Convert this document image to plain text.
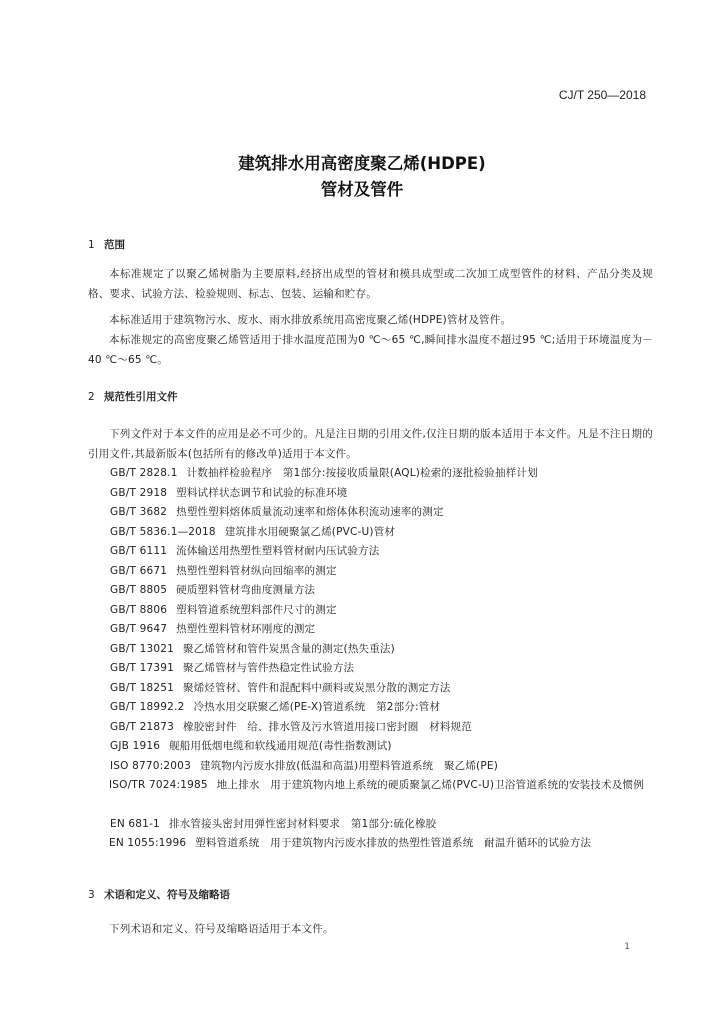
CJ/T 250—2018
建筑排水用高密度聚乙烯(HDPE)
管材及管件
1 范围

本标准规定了以聚乙烯树脂为主要原料,经挤出成型的管材和模具成型或二次加工成型管件的材料、产品分类及规格、要求、试验方法、检验规则、标志、包装、运输和贮存。

本标准适用于建筑物污水、废水、雨水排放系统用高密度聚乙烯(HDPE)管材及管件。

本标准规定的高密度聚乙烯管适用于排水温度范围为0 ℃～65 ℃,瞬间排水温度不超过95 ℃;适用于环境温度为－40 ℃～65 ℃。

2 规范性引用文件

下列文件对于本文件的应用是必不可少的。凡是注日期的引用文件,仅注日期的版本适用于本文件。凡是不注日期的引用文件,其最新版本(包括所有的修改单)适用于本文件。

GB/T 2828.1 计数抽样检验程序　第1部分:按接收质量限(AQL)检索的逐批检验抽样计划
GB/T 2918 塑料试样状态调节和试验的标准环境
GB/T 3682 热塑性塑料熔体质量流动速率和熔体体积流动速率的测定
GB/T 5836.1—2018 建筑排水用硬聚氯乙烯(PVC-U)管材
GB/T 6111 流体输送用热塑性塑料管材耐内压试验方法
GB/T 6671 热塑性塑料管材纵向回缩率的测定
GB/T 8805 硬质塑料管材弯曲度测量方法
GB/T 8806 塑料管道系统塑料部件尺寸的测定
GB/T 9647 热塑性塑料管材环刚度的测定
GB/T 13021 聚乙烯管材和管件炭黑含量的测定(热失重法)
GB/T 17391 聚乙烯管材与管件热稳定性试验方法
GB/T 18251 聚烯烃管材、管件和混配料中颜料或炭黑分散的测定方法
GB/T 18992.2 冷热水用交联聚乙烯(PE-X)管道系统　第2部分:管材
GB/T 21873 橡胶密封件　给、排水管及污水管道用接口密封圈　材料规范
GJB 1916 舰船用低烟电缆和软线通用规范(毒性指数测试)
ISO 8770:2003 建筑物内污废水排放(低温和高温)用塑料管道系统　聚乙烯(PE)

ISO/TR 7024:1985 地上排水　用于建筑物内地上系统的硬质聚氯乙烯(PVC-U)卫浴管道系统的安装技术及惯例

EN 681-1 排水管接头密封用弹性密封材料要求　第1部分:硫化橡胶

EN 1055:1996 塑料管道系统　用于建筑物内污废水排放的热塑性管道系统　耐温升循环的试验方法

3 术语和定义、符号及缩略语

下列术语和定义、符号及缩略语适用于本文件。

1
